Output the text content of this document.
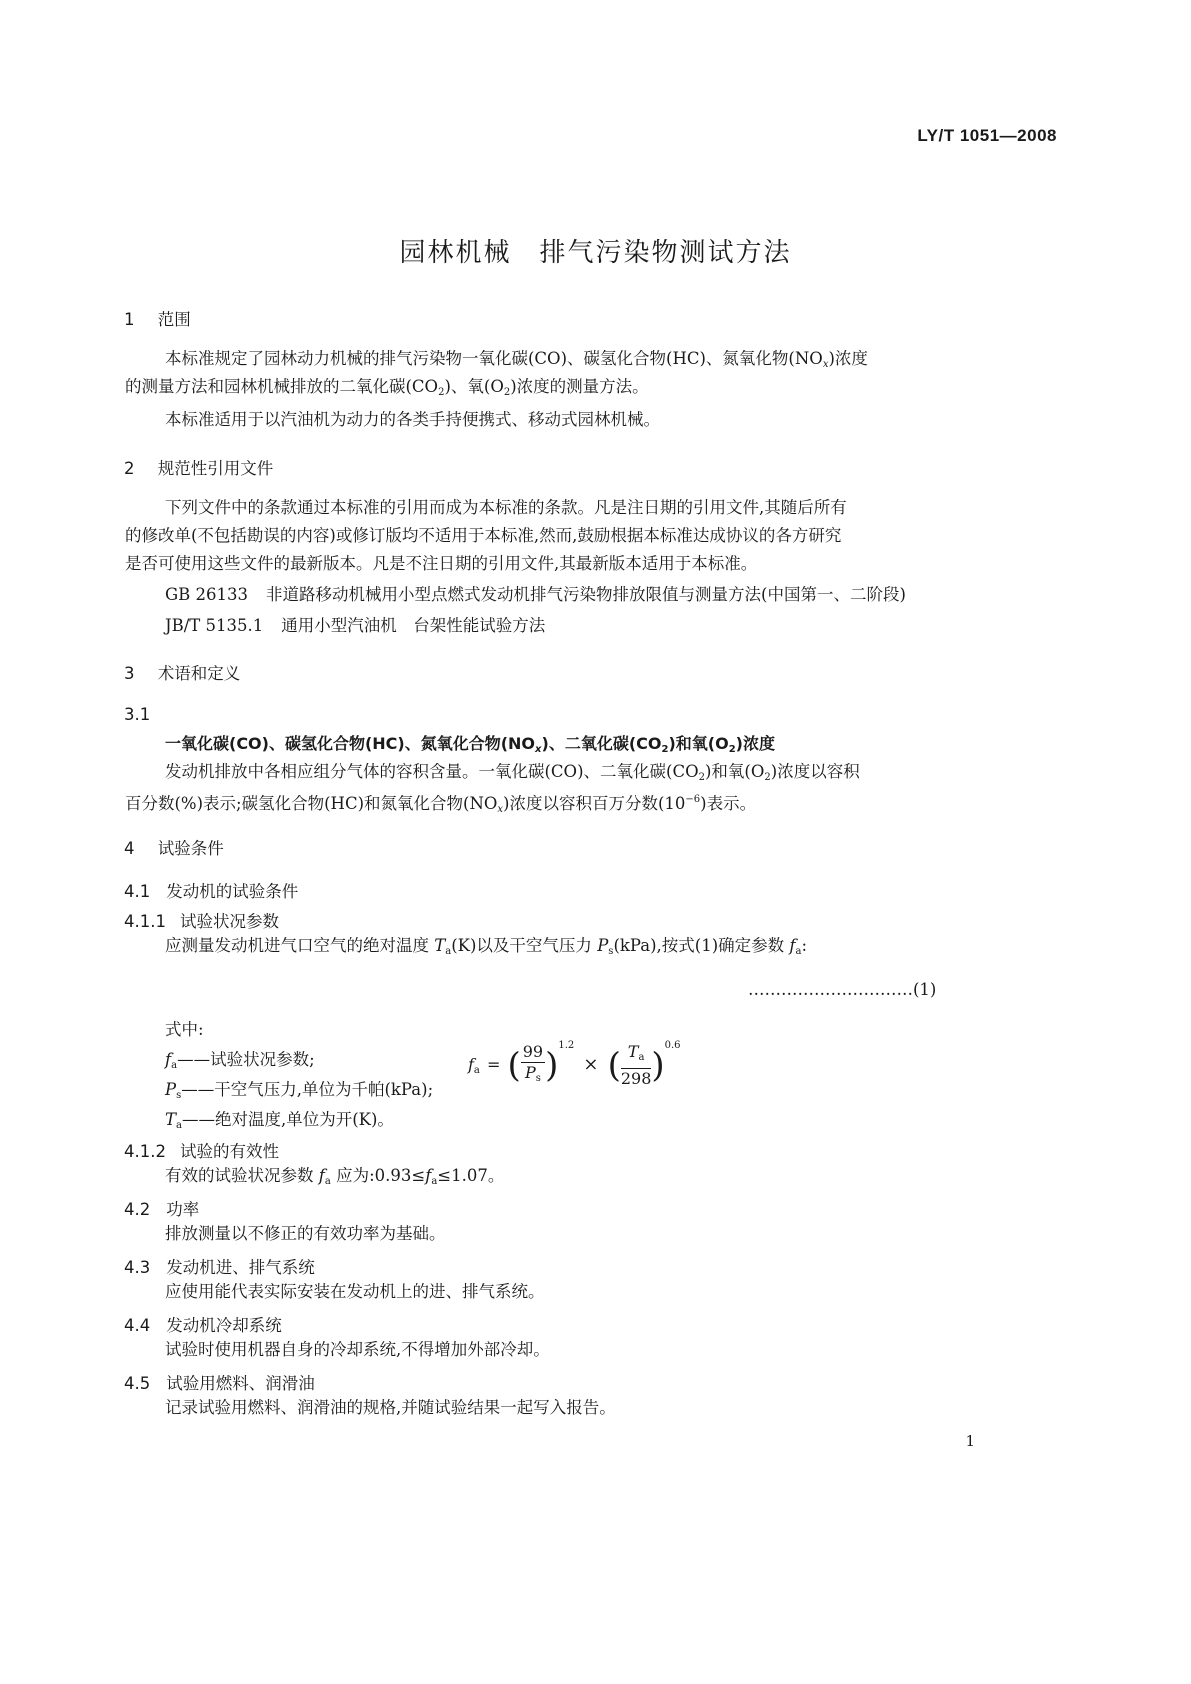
LY/T 1051—2008
园林机械　排气污染物测试方法
1 范围
本标准规定了园林动力机械的排气污染物一氧化碳(CO)、碳氢化合物(HC)、氮氧化物$(NO_x)$浓度
的测量方法和园林机械排放的二氧化碳$(CO_2)$、氧$(O_2)$浓度的测量方法。
本标准适用于以汽油机为动力的各类手持便携式、移动式园林机械。
2 规范性引用文件
下列文件中的条款通过本标准的引用而成为本标准的条款。凡是注日期的引用文件,其随后所有
的修改单(不包括勘误的内容)或修订版均不适用于本标准,然而,鼓励根据本标准达成协议的各方研究
是否可使用这些文件的最新版本。凡是不注日期的引用文件,其最新版本适用于本标准。
GB 26133 非道路移动机械用小型点燃式发动机排气污染物排放限值与测量方法(中国第一、二阶段)
JB/T 5135.1 通用小型汽油机　台架性能试验方法
3 术语和定义
3.1
一氧化碳(CO)、碳氢化合物(HC)、氮氧化合物$(NO_x)$、二氧化碳$(CO_2)$和氧$(O_2)$浓度
发动机排放中各相应组分气体的容积含量。一氧化碳(CO)、二氧化碳$(CO_2)$和氧$(O_2)$浓度以容积
百分数(%)表示;碳氢化合物(HC)和氮氧化合物$(NO_x)$浓度以容积百万分数$(10^{-6})$表示。
4 试验条件
4.1 发动机的试验条件
4.1.1 试验状况参数
应测量发动机进气口空气的绝对温度 $T_a(K)$以及干空气压力 $P_s(kPa)$,按式(1)确定参数 $f_a$:
$f_a$ = ( $\frac{99}{P_s} )^{1.2}$ × ( $\frac{T_a}{298} )^{0.6}$
…………………………(1)
式中:
$f_a——$试验状况参数;
$P_s——$干空气压力,单位为千帕(kPa);
$T_a——$绝对温度,单位为开(K)。
4.1.2 试验的有效性
有效的试验状况参数 $f_a$ 应为$:0.93\le f_a\le 1.07$。
4.2 功率
排放测量以不修正的有效功率为基础。
4.3 发动机进、排气系统
应使用能代表实际安装在发动机上的进、排气系统。
4.4 发动机冷却系统
试验时使用机器自身的冷却系统,不得增加外部冷却。
4.5 试验用燃料、润滑油
记录试验用燃料、润滑油的规格,并随试验结果一起写入报告。
1
